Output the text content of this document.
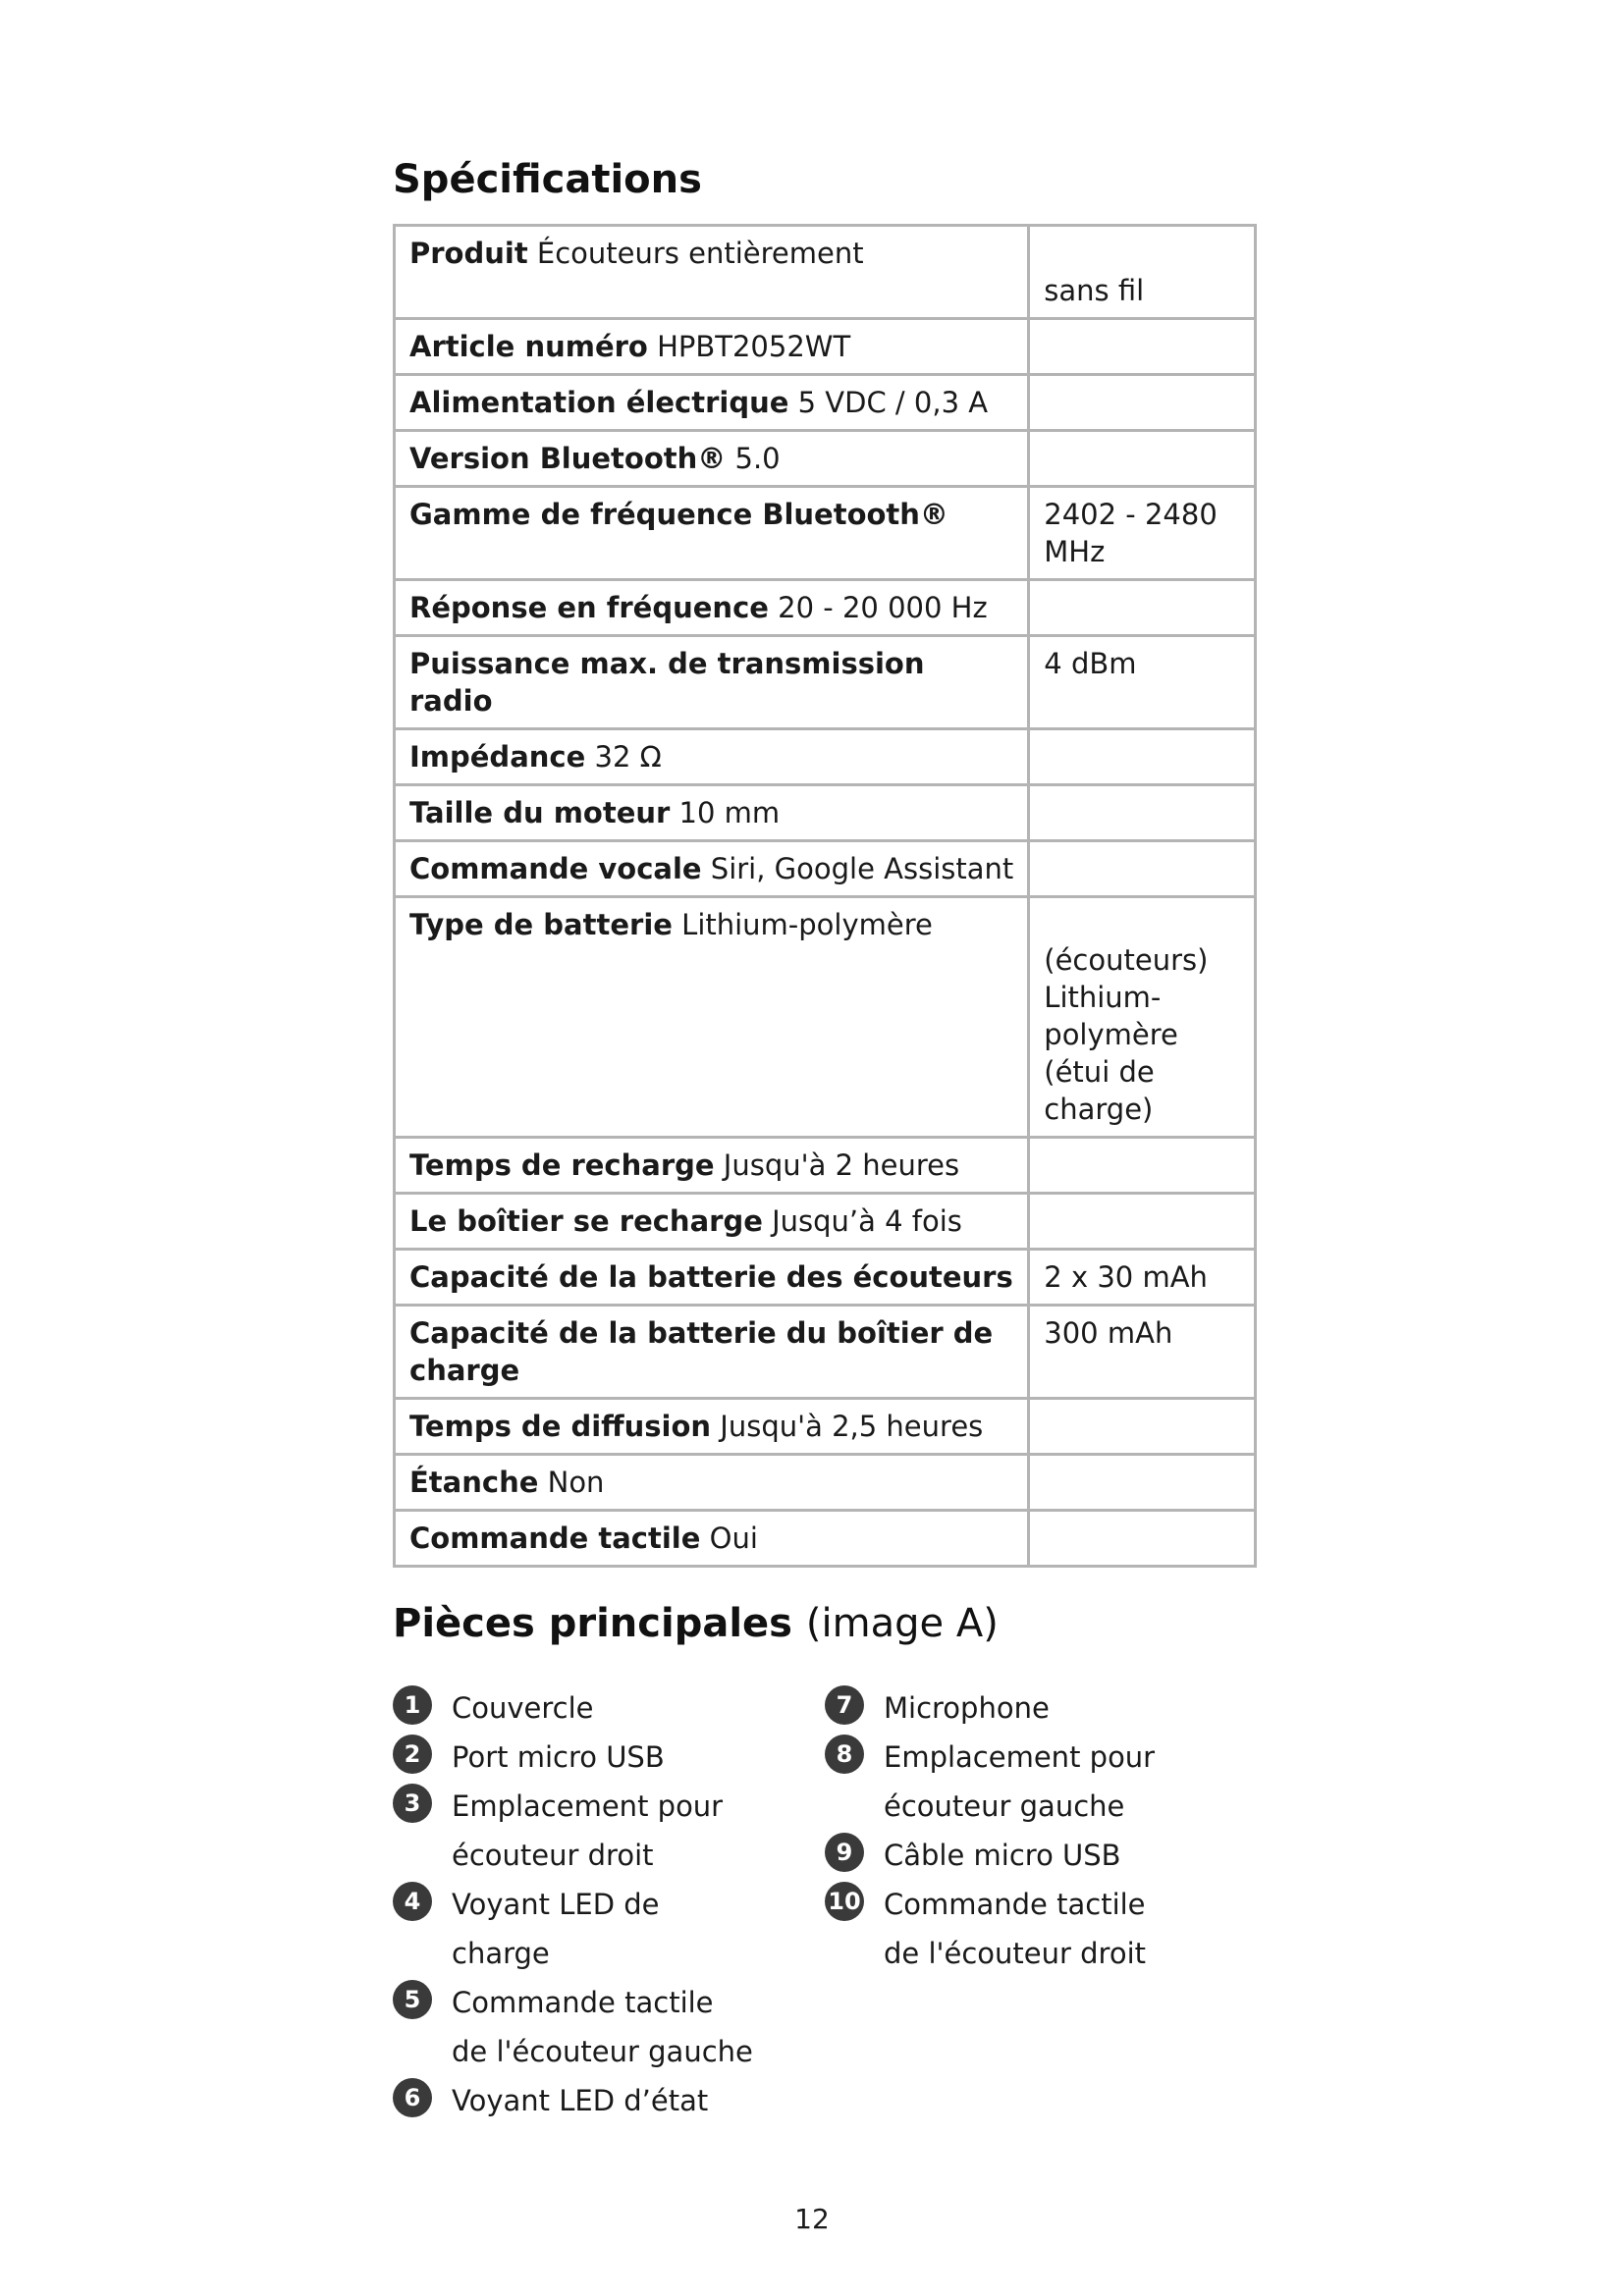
Spécifications
Produit Écouteurs entièrement	sans fil
Article numéro HPBT2052WT	
Alimentation électrique 5 VDC / 0,3 A	
Version Bluetooth® 5.0	
Gamme de fréquence Bluetooth®	2402 - 2480 MHz
Réponse en fréquence 20 - 20 000 Hz	
Puissance max. de transmission radio	4 dBm
Impédance 32 Ω	
Taille du moteur 10 mm	
Commande vocale Siri, Google Assistant	
Type de batterie Lithium-polymère	(écouteurs) Lithium-polymère (étui de charge)
Temps de recharge Jusqu'à 2 heures	
Le boîtier se recharge Jusqu’à 4 fois	
Capacité de la batterie des écouteurs	2 x 30 mAh
Capacité de la batterie du boîtier de charge	300 mAh
Temps de diffusion Jusqu'à 2,5 heures	
Étanche Non	
Commande tactile Oui	
Pièces principales (image A)
1	Couvercle
2	Port micro USB
3	Emplacement pour écouteur droit
4	Voyant LED de charge
5	Commande tactile de l'écouteur gauche
6	Voyant LED d’état
7	Microphone
8	Emplacement pour écouteur gauche
9	Câble micro USB
10 Commande tactile de l'écouteur droit
12
